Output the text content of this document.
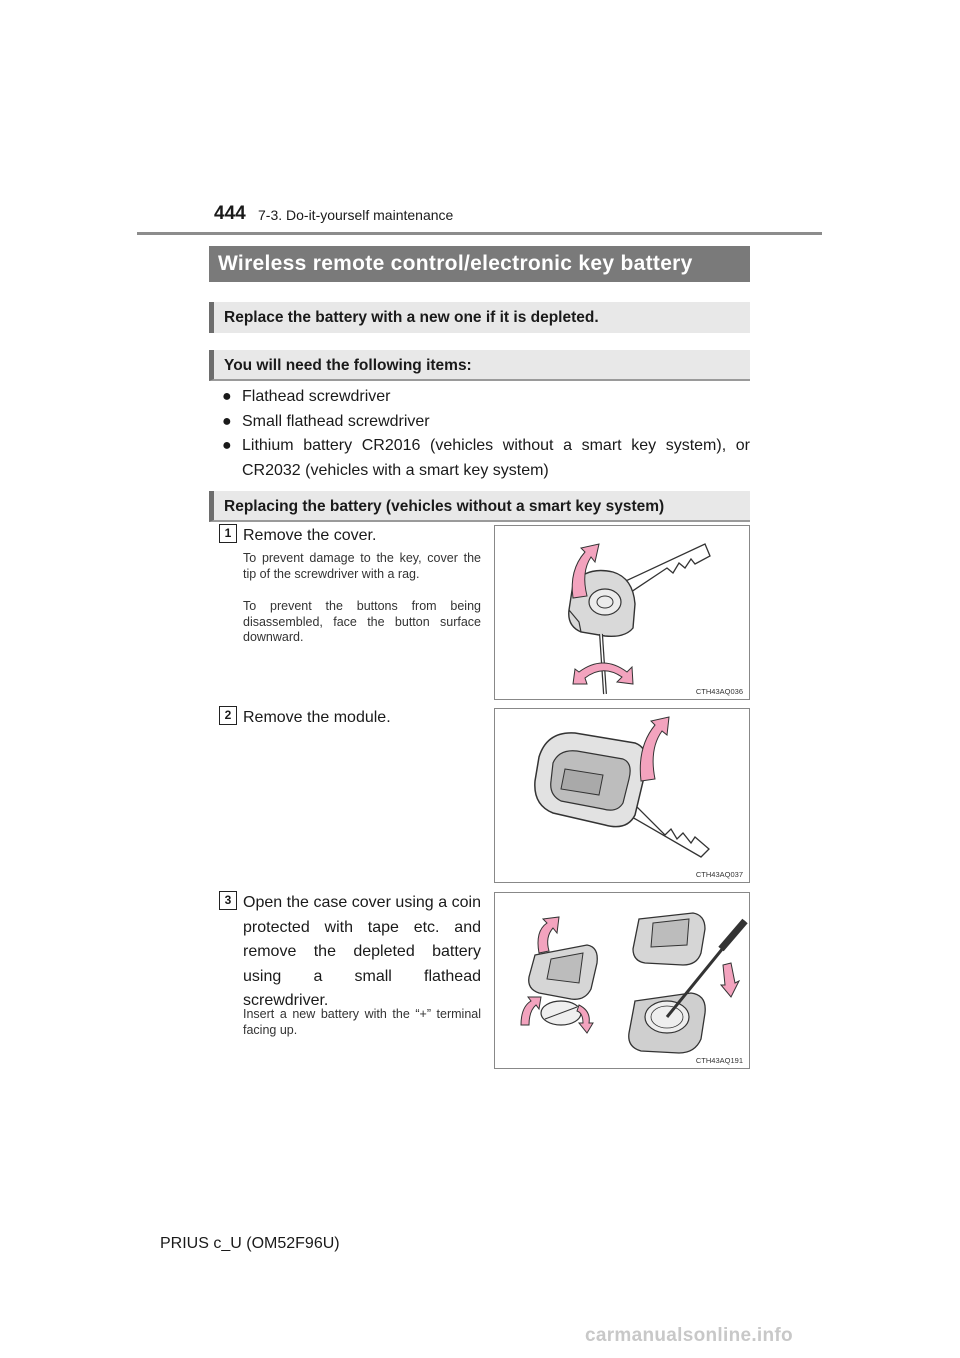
444 7-3. Do-it-yourself maintenance
Wireless remote control/electronic key battery
Replace the battery with a new one if it is depleted.
You will need the following items:
● Flathead screwdriver
● Small flathead screwdriver
● Lithium battery CR2016 (vehicles without a smart key system), or CR2032 (vehicles with a smart key system)
Replacing the battery (vehicles without a smart key system)
1 Remove the cover.
To prevent damage to the key, cover the tip of the screwdriver with a rag.
To prevent the buttons from being disassembled, face the button surface downward.
CTH43AQ036
2 Remove the module.
CTH43AQ037
3 Open the case cover using a coin protected with tape etc. and remove the depleted battery using a small flathead screwdriver.
Insert a new battery with the “+” terminal facing up.
CTH43AQ191
PRIUS c_U (OM52F96U)
carmanualsonline.info
